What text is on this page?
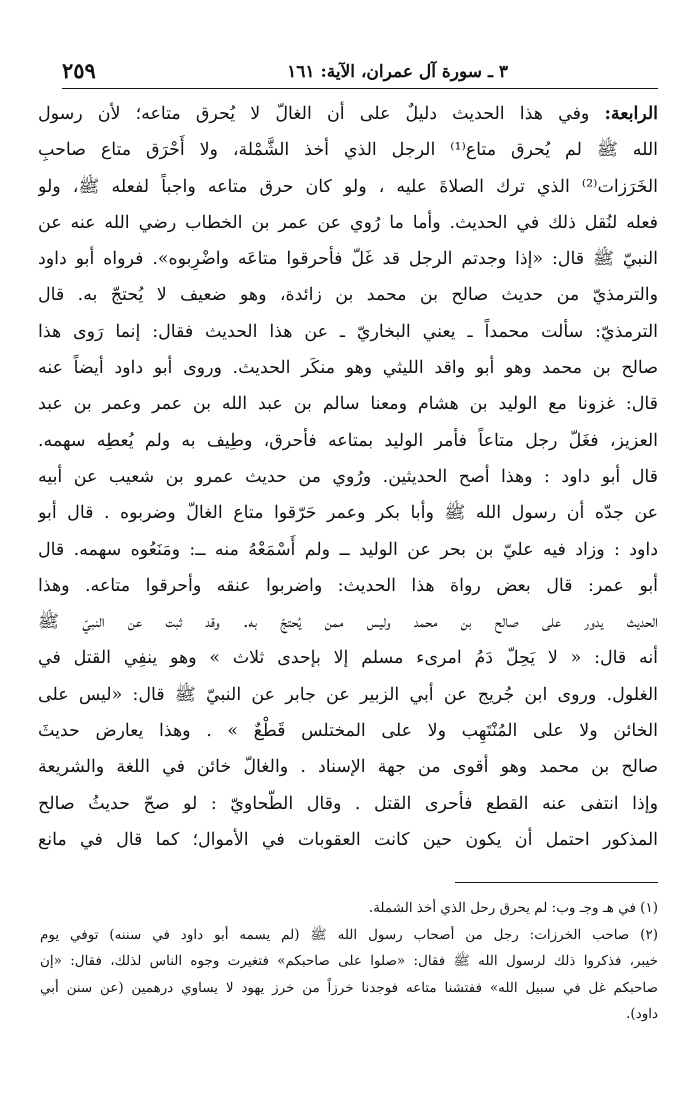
٣ ـ سورة آل عمران، الآية: ١٦١
٢٥٩
الرابعة: وفي هذا الحديث دليلٌ على أن الغالّ لا يُحرق متاعه؛ لأن رسول
الله ﷺ لم يُحرق متاع⁽¹⁾ الرجل الذي أخذ الشَّمْلة، ولا أَحْرَق متاع صاحبِ
الخَرَزات⁽²⁾ الذي ترك الصلاةَ عليه ، ولو كان حرق متاعه واجباً لفعله ﷺ، ولو
فعله لنُقل ذلك في الحديث. وأما ما رُوي عن عمر بن الخطاب رضي الله عنه عن
النبيّ ﷺ قال: «إذا وجدتم الرجل قد غَلّ فأحرقوا متاعَه واضْرِبوه». فرواه أبو داود
والترمذيّ من حديث صالح بن محمد بن زائدة، وهو ضعيف لا يُحتجّ به. قال
الترمذيّ: سألت محمداً ـ يعني البخاريّ ـ عن هذا الحديث فقال: إنما رَوى هذا
صالح بن محمد وهو أبو واقد الليثي وهو منكَر الحديث. وروى أبو داود أيضاً عنه
قال: غزونا مع الوليد بن هشام ومعنا سالم بن عبد الله بن عمر وعمر بن عبد
العزيز، فغَلّ رجل متاعاً فأمر الوليد بمتاعه فأحرق، وطِيف به ولم يُعطِه سهمه.
قال أبو داود : وهذا أصح الحديثين. ورُوي من حديث عمرو بن شعيب عن أبيه
عن جدّه أن رسول الله ﷺ وأبا بكر وعمر حَرّقوا متاع الغالّ وضربوه . قال أبو
داود : وزاد فيه عليّ بن بحر عن الوليد ــ ولم أَسْمَعْهُ منه ــ: ومَنَعُوه سهمه. قال
أبو عمر: قال بعض رواة هذا الحديث: واضربوا عنقه وأحرقوا متاعه. وهذا
الحديث يدور على صالح بن محمد وليس ممن يُحتجّ به. وقد ثبت عن النبيّ ﷺ
أنه قال: « لا يَحِلّ دَمُ امرىء مسلم إلا بإحدى ثلاث » وهو ينفِي القتل في
الغلول. وروى ابن جُريج عن أبي الزبير عن جابر عن النبيّ ﷺ قال: «ليس على
الخائن ولا على المُنْتَهِب ولا على المختلس قَطْعٌ » . وهذا يعارض حديثَ
صالح بن محمد وهو أقوى من جهة الإسناد . والغالّ خائن في اللغة والشريعة
وإذا انتفى عنه القطع فأحرى القتل . وقال الطّحاويّ : لو صحّ حديثُ صالح
المذكور احتمل أن يكون حين كانت العقوبات في الأموال؛ كما قال في مانع
(١) في هـ وجـ وب: لم يحرق رحل الذي أخذ الشملة.
(٢) صاحب الخرزات: رجل من أصحاب رسول الله ﷺ (لم يسمه أبو داود في سننه) توفي يوم
خيبر، فذكروا ذلك لرسول الله ﷺ فقال: «صلوا على صاحبكم» فتغيرت وجوه الناس لذلك، فقال: «إن
صاحبكم غل في سبيل الله» ففتشنا متاعه فوجدنا خرزاً من خرز يهود لا يساوي درهمين (عن سنن أبي
داود).
